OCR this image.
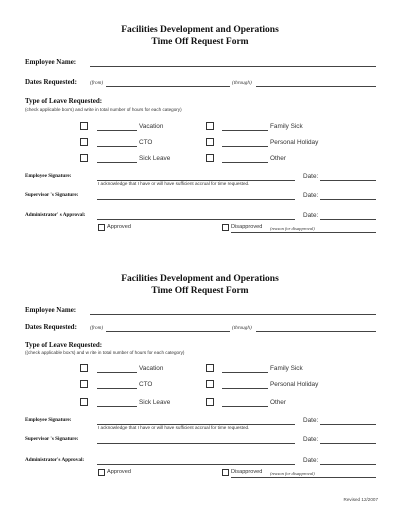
Facilities Development and Operations
Time Off Request Form
Employee Name:
Dates Requested:	(from)	(through)
Type of Leave Requested:
(check applicable box's) and write in total number of hours for each category)
Vacation
CTO
Sick Leave
Family Sick
Personal Holiday
Other
Employee Signature:
I acknowledge that I have or will have sufficient accrual for time requested.
Date:
Supervisor 's Signature:	Date:
Administrator' s Approval:	Date:
Approved	Disapproved (reason for disapproval)
Facilities Development and Operations
Time Off Request Form
Employee Name:
Dates Requested:	(from)	(through)
Type of Leave Requested:
((check applicable box's) and w rite in total number of hours for each category)
Vacation
CTO
Sick Leave
Family Sick
Personal Holiday
Other
Employee Signature:
I acknowledge that I have or will have sufficient accrual for time requested.
Date:
Supervisor 's Signature:	Date:
Administrator's Approval:	Date:
Approved	Disapproved (reason for disapproval)
Revised 12/2007
